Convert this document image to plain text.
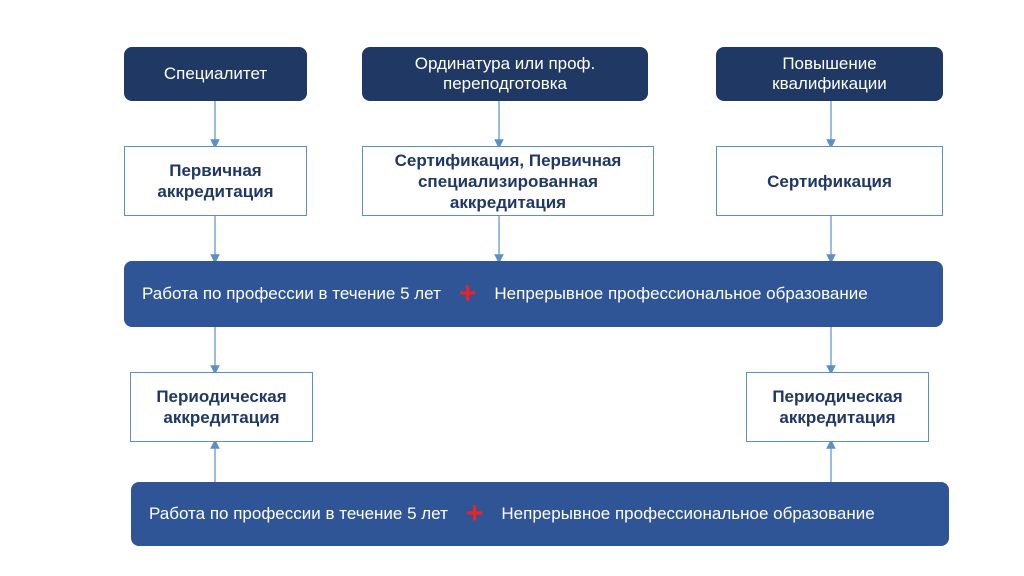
Специалитет
Ординатура или проф.
переподготовка
Повышение
квалификации
Первичная
аккредитация
Сертификация, Первичная
специализированная
аккредитация
Сертификация
Работа по профессии в течение 5 лет + Непрерывное профессиональное образование
Периодическая
аккредитация
Периодическая
аккредитация
Работа по профессии в течение 5 лет + Непрерывное профессиональное образование
